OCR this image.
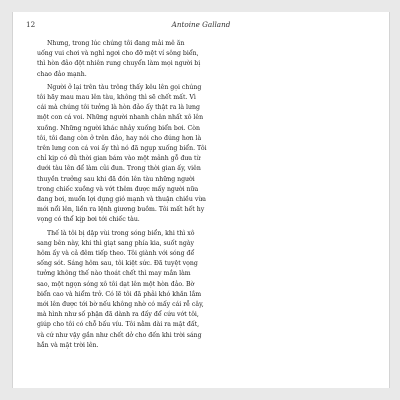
12	Antoine Galland
Nhưng, trong lúc chúng tôi đang mải mê ăn
uống vui chơi và nghỉ ngơi cho đỡ mệt ví sông biển,
thì hòn đảo đột nhiên rung chuyển làm mọi người bị
chao đảo mạnh.
Người ở lại trên tàu trông thấy kêu lên gọi chúng
tôi hãy mau mau lên tàu, không thì sẽ chết mất. Vì
cái mà chúng tôi tưởng là hòn đảo ấy thật ra là lưng
một con cá voi. Những người nhanh chân nhất xô lên
xuồng. Những người khác nhảy xuống biển bơi. Còn
tôi, tôi đang còn ở trên đảo, hay nói cho đúng hơn là
trên lưng con cá voi ấy thì nó đã ngụp xuống biển. Tôi
chỉ kịp có đủ thời gian bám vào một mảnh gỗ đưa từ
dưới tàu lên để làm củi đun. Trong thời gian ấy, viên
thuyền trưởng sau khi đã đón lên tàu những người
trong chiếc xuồng và vớt thêm được mấy người nữa
đang bơi, muốn lợi dụng gió mạnh và thuận chiều vừa
mới nổi lên, liền ra lệnh giương buồm. Tôi mất hết hy
vọng có thể kịp bơi tới chiếc tàu.
Thế là tôi bị dập vùi trong sóng biển, khi thì xô
sang bên này, khi thì giạt sang phía kia, suốt ngày
hôm ấy và cả đêm tiếp theo. Tôi giành với sóng để
sống sót. Sáng hôm sau, tôi kiệt sức. Đã tuyệt vọng
tưởng không thế nào thoát chết thì may mắn làm
sao, một ngọn sóng xô tôi dạt lên một hòn đảo. Bờ
biển cao và hiểm trở. Có lẽ tôi đã phải khó khăn lắm
mới lên được tới bờ nếu không nhờ có mấy cái rễ cây,
mà hình như số phận đã dành ra đấy để cứu vớt tôi,
giúp cho tôi có chỗ bấu víu. Tôi nằm dài ra mặt đất,
và cứ như vậy gần như chết dở cho đến khi trời sáng
hẳn và mặt trời lên.
